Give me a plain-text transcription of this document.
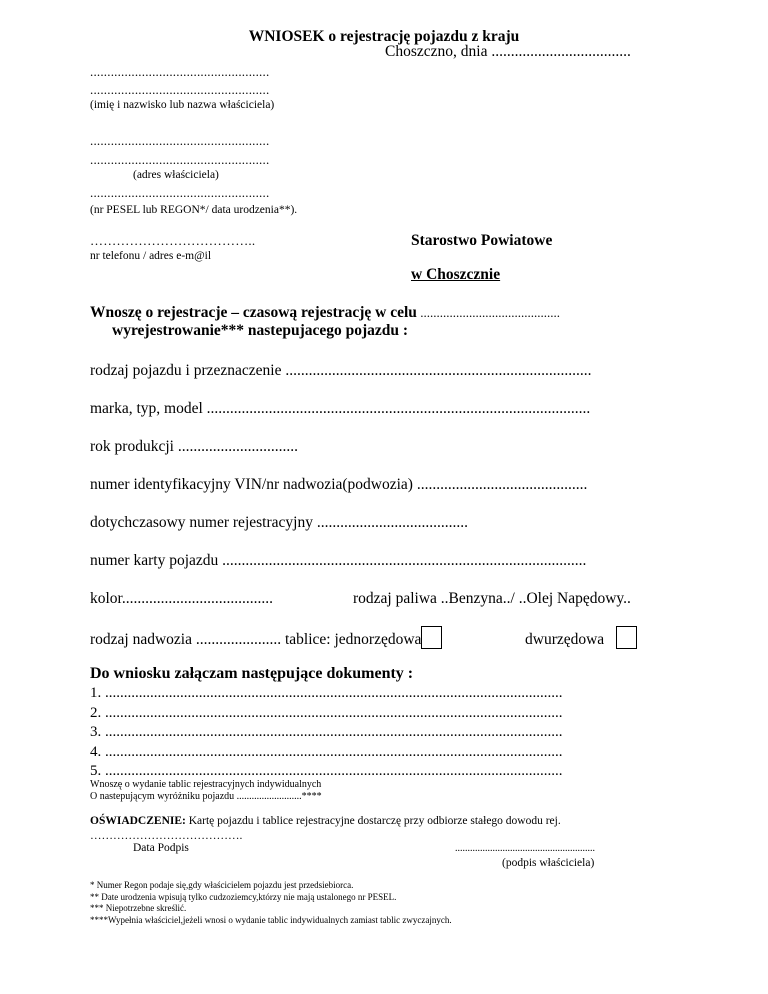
WNIOSEK o rejestrację pojazdu z kraju
Choszczno, dnia ....................................
....................................................
....................................................
(imię i nazwisko lub nazwa właściciela)
....................................................
....................................................
(adres właściciela)
....................................................
(nr PESEL lub REGON*/ data urodzenia**).
………………………………..
nr telefonu / adres e-m@il
Starostwo Powiatowe
w Choszcznie
Wnoszę o rejestracje – czasową rejestrację w celu ...........................................
wyrejestrowanie*** nastepujacego pojazdu :
rodzaj pojazdu i przeznaczenie ...............................................................................
marka, typ, model ...................................................................................................
rok produkcji ...............................
numer identyfikacyjny VIN/nr nadwozia(podwozia) ............................................
dotychczasowy numer rejestracyjny .......................................
numer karty pojazdu ..............................................................................................
kolor.......................................	rodzaj paliwa ..Benzyna../ ..Olej Napędowy..
rodzaj nadwozia ...................... tablice: jednorzędowa	dwurzędowa
Do wniosku załączam następujące dokumenty :
1. ..........................................................................................................................
2. ..........................................................................................................................
3. ..........................................................................................................................
4. ..........................................................................................................................
5. ..........................................................................................................................
Wnoszę o wydanie tablic rejestracyjnych indywidualnych
O nastepującym wyróżniku pojazdu ..........................****
OŚWIADCZENIE: Kartę pojazdu i tablice rejestracyjne dostarczę przy odbiorze stałego dowodu rej.
………………………………….
Data Podpis	........................................................
(podpis właściciela)
* Numer Regon podaje się,gdy właścicielem pojazdu jest przedsiebiorca.
** Date urodzenia wpisują tylko cudzoziemcy,którzy nie mają ustalonego nr PESEL.
*** Niepotrzebne skreślić.
****Wypełnia właściciel,jeżeli wnosi o wydanie tablic indywidualnych zamiast tablic zwyczajnych.
